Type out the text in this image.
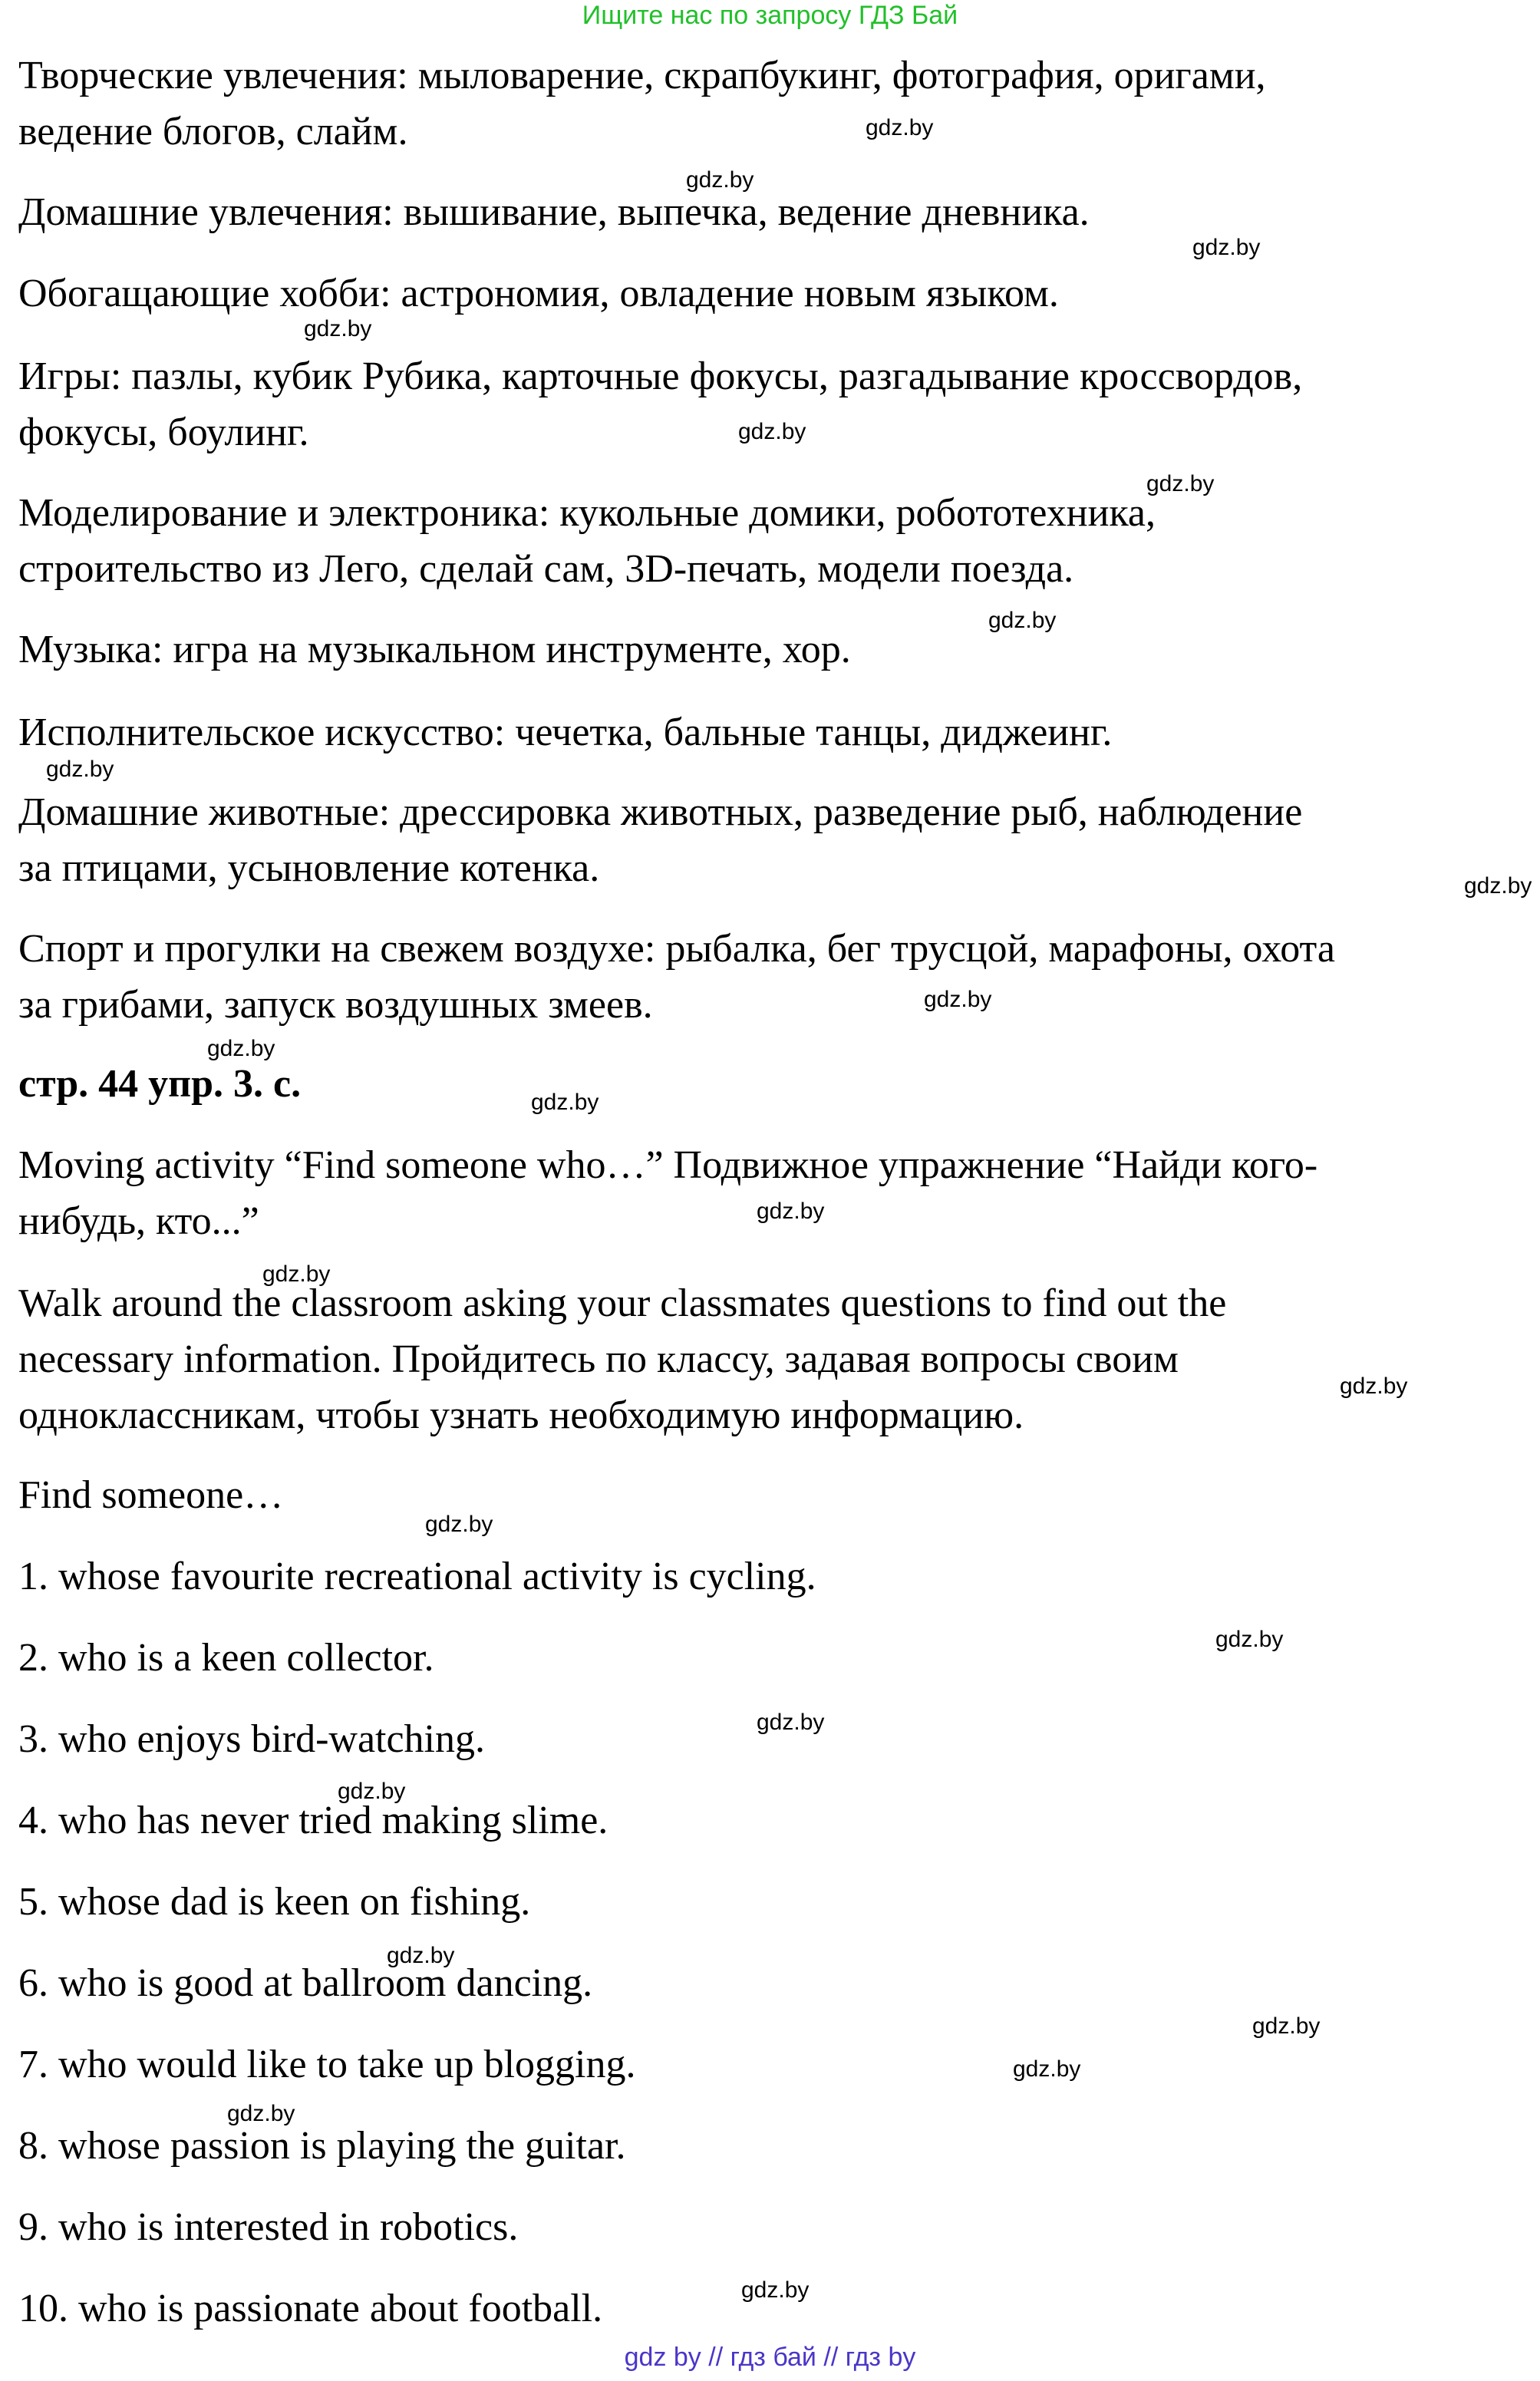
Ищите нас по запросу ГДЗ Бай

Творческие увлечения: мыловарение, скрапбукинг, фотография, оригами,
ведение блогов, слайм.

Домашние увлечения: вышивание, выпечка, ведение дневника.

Обогащающие хобби: астрономия, овладение новым языком.

Игры: пазлы, кубик Рубика, карточные фокусы, разгадывание кроссвордов,
фокусы, боулинг.

Моделирование и электроника: кукольные домики, робототехника,
строительство из Лего, сделай сам, 3D-печать, модели поезда.

Музыка: игра на музыкальном инструменте, хор.

Исполнительское искусство: чечетка, бальные танцы, диджеинг.

Домашние животные: дрессировка животных, разведение рыб, наблюдение
за птицами, усыновление котенка.

Спорт и прогулки на свежем воздухе: рыбалка, бег трусцой, марафоны, охота
за грибами, запуск воздушных змеев.

стр. 44 упр. 3. с.

Moving activity “Find someone who…” Подвижное упражнение “Найди кого-
нибудь, кто...”

Walk around the classroom asking your classmates questions to find out the
necessary information. Пройдитесь по классу, задавая вопросы своим
одноклассникам, чтобы узнать необходимую информацию.

Find someone…

1. whose favourite recreational activity is cycling.

2. who is a keen collector.

3. who enjoys bird-watching.

4. who has never tried making slime.

5. whose dad is keen on fishing.

6. who is good at ballroom dancing.

7. who would like to take up blogging.

8. whose passion is playing the guitar.

9. who is interested in robotics.

10. who is passionate about football.

gdz.by
gdz.by
gdz.by
gdz.by
gdz.by
gdz.by
gdz.by
gdz.by
gdz.by
gdz.by
gdz.by
gdz.by
gdz.by
gdz.by
gdz.by
gdz.by
gdz.by
gdz.by
gdz.by
gdz.by
gdz.by
gdz.by
gdz.by
gdz.by
gdz by // гдз бай // гдз by
